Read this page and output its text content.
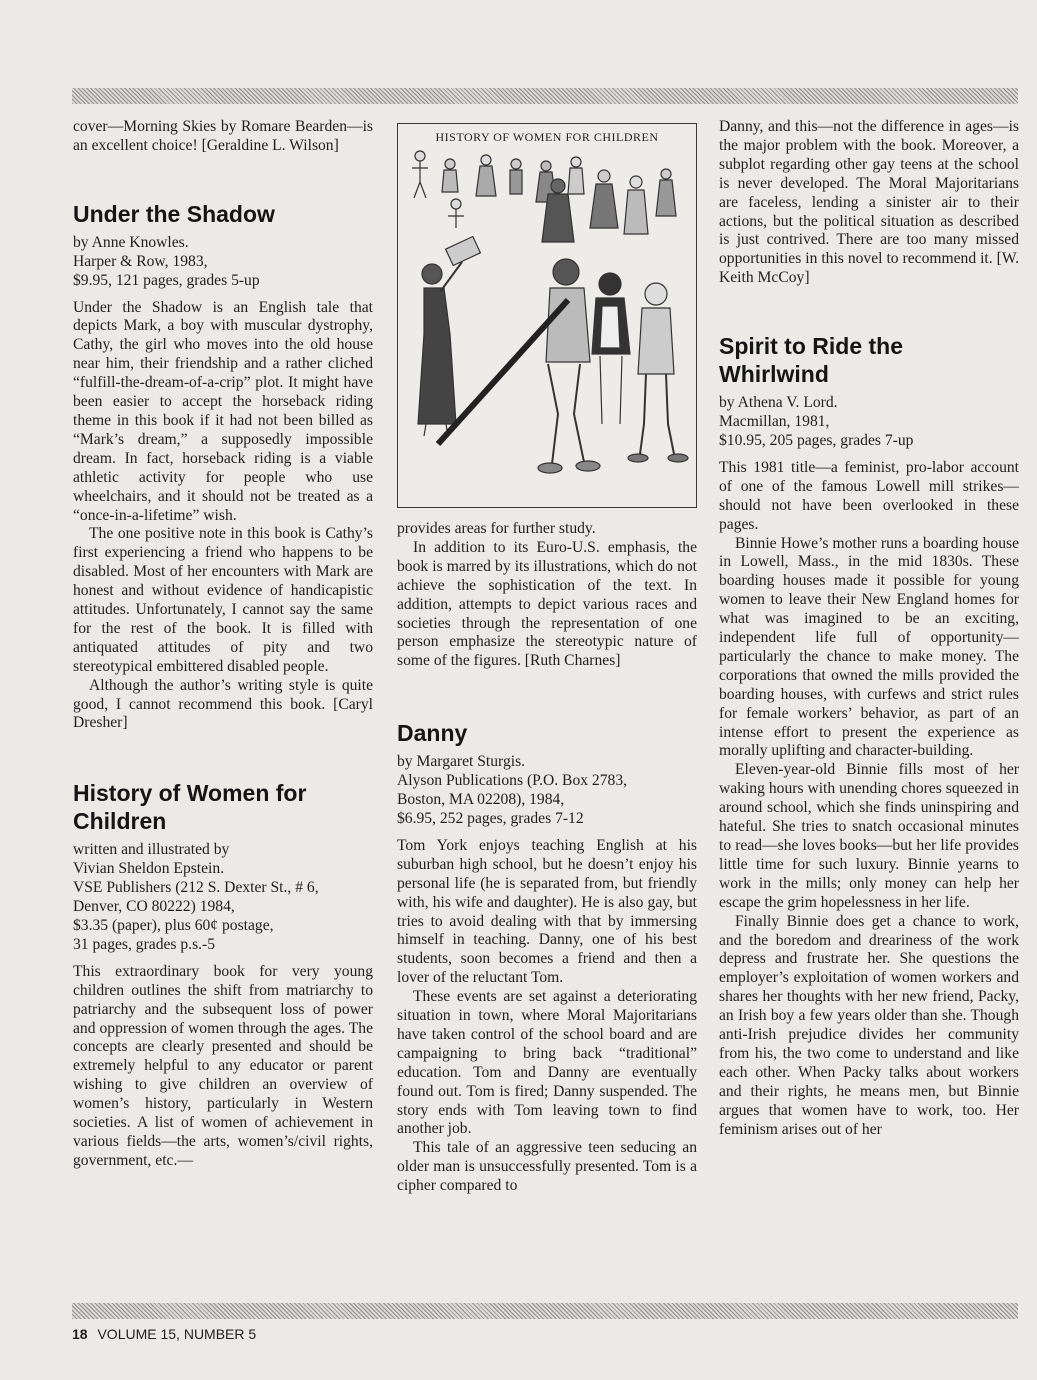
cover—Morning Skies by Romare Bearden—is an excellent choice! [Geraldine L. Wilson]

Under the Shadow

by Anne Knowles.

Harper & Row, 1983,

$9.95, 121 pages, grades 5-up

Under the Shadow is an English tale that depicts Mark, a boy with muscular dystrophy, Cathy, the girl who moves into the old house near him, their friendship and a rather cliched “fulfill-the-dream-of-a-crip” plot. It might have been easier to accept the horseback riding theme in this book if it had not been billed as “Mark’s dream,” a supposedly impossible dream. In fact, horseback riding is a viable athletic activity for people who use wheelchairs, and it should not be treated as a “once-in-a-lifetime” wish.

The one positive note in this book is Cathy’s first experiencing a friend who happens to be disabled. Most of her encounters with Mark are honest and without evidence of handicapistic attitudes. Unfortunately, I cannot say the same for the rest of the book. It is filled with antiquated attitudes of pity and two stereotypical embittered disabled people.

Although the author’s writing style is quite good, I cannot recommend this book. [Caryl Dresher]

History of Women for Children

written and illustrated by

Vivian Sheldon Epstein.

VSE Publishers (212 S. Dexter St., # 6,

Denver, CO 80222) 1984,

$3.35 (paper), plus 60¢ postage,

31 pages, grades p.s.-5

This extraordinary book for very young children outlines the shift from matriarchy to patriarchy and the subsequent loss of power and oppression of women through the ages. The concepts are clearly presented and should be extremely helpful to any educator or parent wishing to give children an overview of women’s history, particularly in Western societies. A list of women of achievement in various fields—the arts, women’s/civil rights, government, etc.—

HISTORY OF WOMEN FOR CHILDREN

provides areas for further study.

In addition to its Euro-U.S. emphasis, the book is marred by its illustrations, which do not achieve the sophistication of the text. In addition, attempts to depict various races and societies through the representation of one person emphasize the stereotypic nature of some of the figures. [Ruth Charnes]

Danny

by Margaret Sturgis.

Alyson Publications (P.O. Box 2783,

Boston, MA 02208), 1984,

$6.95, 252 pages, grades 7-12

Tom York enjoys teaching English at his suburban high school, but he doesn’t enjoy his personal life (he is separated from, but friendly with, his wife and daughter). He is also gay, but tries to avoid dealing with that by immersing himself in teaching. Danny, one of his best students, soon becomes a friend and then a lover of the reluctant Tom.

These events are set against a deteriorating situation in town, where Moral Majoritarians have taken control of the school board and are campaigning to bring back “traditional” education. Tom and Danny are eventually found out. Tom is fired; Danny suspended. The story ends with Tom leaving town to find another job.

This tale of an aggressive teen seducing an older man is unsuccessfully presented. Tom is a cipher compared to

Danny, and this—not the difference in ages—is the major problem with the book. Moreover, a subplot regarding other gay teens at the school is never developed. The Moral Majoritarians are faceless, lending a sinister air to their actions, but the political situation as described is just contrived. There are too many missed opportunities in this novel to recommend it. [W. Keith McCoy]

Spirit to Ride the Whirlwind

by Athena V. Lord.

Macmillan, 1981,

$10.95, 205 pages, grades 7-up

This 1981 title—a feminist, pro-labor account of one of the famous Lowell mill strikes—should not have been overlooked in these pages.

Binnie Howe’s mother runs a boarding house in Lowell, Mass., in the mid 1830s. These boarding houses made it possible for young women to leave their New England homes for what was imagined to be an exciting, independent life full of opportunity—particularly the chance to make money. The corporations that owned the mills provided the boarding houses, with curfews and strict rules for female workers’ behavior, as part of an intense effort to present the experience as morally uplifting and character-building.

Eleven-year-old Binnie fills most of her waking hours with unending chores squeezed in around school, which she finds uninspiring and hateful. She tries to snatch occasional minutes to read—she loves books—but her life provides little time for such luxury. Binnie yearns to work in the mills; only money can help her escape the grim hopelessness in her life.

Finally Binnie does get a chance to work, and the boredom and dreariness of the work depress and frustrate her. She questions the employer’s exploitation of women workers and shares her thoughts with her new friend, Packy, an Irish boy a few years older than she. Though anti-Irish prejudice divides her community from his, the two come to understand and like each other. When Packy talks about workers and their rights, he means men, but Binnie argues that women have to work, too. Her feminism arises out of her

18 VOLUME 15, NUMBER 5
